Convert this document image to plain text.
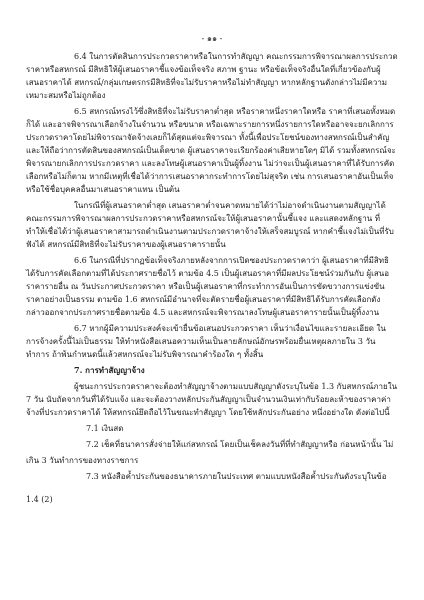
- ๑๑ -

6.4 ในการตัดสินการประกวดราคาหรือในการทำสัญญา คณะกรรมการพิจารณาผลการประกวดราคาหรือสหกรณ์ มีสิทธิให้ผู้เสนอราคาชี้แจงข้อเท็จจริง สภาพ ฐานะ หรือข้อเท็จจริงอื่นใดที่เกี่ยวข้องกับผู้เสนอราคาได้ สหกรณ์/กลุ่มเกษตรกรมีสิทธิที่จะไม่รับราคาหรือไม่ทำสัญญา หากหลักฐานดังกล่าวไม่มีความเหมาะสมหรือไม่ถูกต้อง

6.5 สหกรณ์ทรงไว้ซึ่งสิทธิที่จะไม่รับราคาต่ำสุด หรือราคาหนึ่งราคาใดหรือ ราคาที่เสนอทั้งหมดก็ได้ และอาจพิจารณาเลือกจ้างในจำนวน หรือขนาด หรือเฉพาะรายการหนึ่งรายการใดหรืออาจจะยกเลิกการประกวดราคาโดยไม่พิจารณาจัดจ้างเลยก็ได้สุดแต่จะพิจารณา ทั้งนี้เพื่อประโยชน์ของทางสหกรณ์เป็นสำคัญ และให้ถือว่าการตัดสินของสหกรณ์เป็นเด็ดขาด ผู้เสนอราคาจะเรียกร้องค่าเสียหายใดๆ มิได้ รวมทั้งสหกรณ์จะพิจารณายกเลิกการประกวดราคา และลงโทษผู้เสนอราคาเป็นผู้ทิ้งงาน ไม่ว่าจะเป็นผู้เสนอราคาที่ได้รับการคัดเลือกหรือไม่ก็ตาม หากมีเหตุที่เชื่อได้ว่าการเสนอราคากระทำการโดยไม่สุจริต เช่น การเสนอราคาอันเป็นเท็จ หรือใช้ชื่อบุคคลอื่นมาเสนอราคาแทน เป็นต้น

ในกรณีที่ผู้เสนอราคาต่ำสุด เสนอราคาต่ำจนคาดหมายได้ว่าไม่อาจดำเนินงานตามสัญญาได้ คณะกรรมการพิจารณาผลการประกวดราคาหรือสหกรณ์จะให้ผู้เสนอราคานั้นชี้แจง และแสดงหลักฐาน ที่ทำให้เชื่อได้ว่าผู้เสนอราคาสามารถดำเนินงานตามประกวดราคาจ้างให้เสร็จสมบูรณ์ หากคำชี้แจงไม่เป็นที่รับฟังได้ สหกรณ์มีสิทธิที่จะไม่รับราคาของผู้เสนอราคารายนั้น

6.6 ในกรณีที่ปรากฏข้อเท็จจริงภายหลังจากการเปิดซองประกวดราคาว่า ผู้เสนอราคาที่มีสิทธิได้รับการคัดเลือกตามที่ได้ประกาศรายชื่อไว้ ตามข้อ 4.5 เป็นผู้เสนอราคาที่มีผลประโยชน์ร่วมกันกับ ผู้เสนอราคารายอื่น ณ วันประกาศประกวดราคา หรือเป็นผู้เสนอราคาที่กระทำการอันเป็นการขัดขวางการแข่งขันราคาอย่างเป็นธรรม ตามข้อ 1.6 สหกรณ์มีอำนาจที่จะตัดรายชื่อผู้เสนอราคาที่มีสิทธิได้รับการคัดเลือกดังกล่าวออกจากประกาศรายชื่อตามข้อ 4.5 และสหกรณ์จะพิจารณาลงโทษผู้เสนอราคารายนั้นเป็นผู้ทิ้งงาน

6.7 หากผู้มีความประสงค์จะเข้ายื่นข้อเสนอประกวดราคา เห็นว่าเงื่อนไขและรายละเอียด ในการจ้างครั้งนี้ไม่เป็นธรรม ให้ทำหนังสือเสนอความเห็นเป็นลายลักษณ์อักษรพร้อมยื่นเหตุผลภายใน 3 วันทำการ ถ้าพ้นกำหนดนี้แล้วสหกรณ์จะไม่รับพิจารณาคำร้องใด ๆ ทั้งสิ้น

7. การทำสัญญาจ้าง

ผู้ชนะการประกวดราคาจะต้องทำสัญญาจ้างตามแบบสัญญาดังระบุในข้อ 1.3 กับสหกรณ์ภายใน 7 วัน นับถัดจากวันที่ได้รับแจ้ง และจะต้องวางหลักประกันสัญญาเป็นจำนวนเงินเท่ากับร้อยละห้าของราคาค่าจ้างที่ประกวดราคาได้ ให้สหกรณ์ยึดถือไว้ในขณะทำสัญญา โดยใช้หลักประกันอย่าง หนึ่งอย่างใด ดังต่อไปนี้

7.1 เงินสด

7.2 เช็คที่ธนาคารสั่งจ่ายให้แก่สหกรณ์ โดยเป็นเช็คลงวันที่ที่ทำสัญญาหรือ ก่อนหน้านั้น ไม่

เกิน 3 วันทำการของทางราชการ

7.3 หนังสือค้ำประกันของธนาคารภายในประเทศ ตามแบบหนังสือค้ำประกันดังระบุในข้อ

1.4 (2)
